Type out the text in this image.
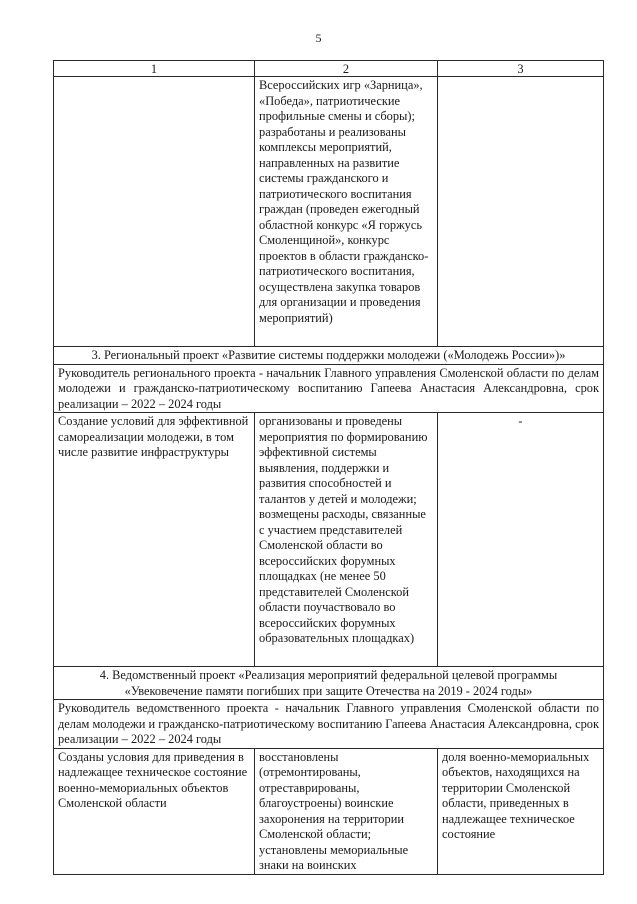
5
1	2	3
	Всероссийских игр «Зарница», «Победа», патриотические профильные смены и сборы); разработаны и реализованы комплексы мероприятий, направленных на развитие системы гражданского и патриотического воспитания граждан (проведен ежегодный областной конкурс «Я горжусь Смоленщиной», конкурс проектов в области гражданско-патриотического воспитания, осуществлена закупка товаров для организации и проведения мероприятий)	
3. Региональный проект «Развитие системы поддержки молодежи («Молодежь России»)»		
Руководитель регионального проекта - начальник Главного управления Смоленской области по делам молодежи и гражданско-патриотическому воспитанию Гапеева Анастасия Александровна, срок реализации – 2022 – 2024 годы		
Создание условий для эффективной самореализации молодежи, в том числе развитие инфраструктуры	организованы и проведены мероприятия по формированию эффективной системы выявления, поддержки и развития способностей и талантов у детей и молодежи; возмещены расходы, связанные с участием представителей Смоленской области во всероссийских форумных площадках (не менее 50 представителей Смоленской области поучаствовало во всероссийских форумных образовательных площадках)	-

4. Ведомственный проект «Реализация мероприятий федеральной целевой программы
«Увековечение памяти погибших при защите Отечества на 2019 - 2024 годы»		

Руководитель ведомственного проекта - начальник Главного управления Смоленской области по делам молодежи и гражданско-патриотическому воспитанию Гапеева Анастасия Александровна, срок реализации – 2022 – 2024 годы		
Созданы условия для приведения в надлежащее техническое состояние военно-мемориальных объектов Смоленской области	восстановлены (отремонтированы, отреставрированы, благоустроены) воинские захоронения на территории Смоленской области; установлены мемориальные знаки на воинских	доля военно-мемориальных объектов, находящихся на территории Смоленской области, приведенных в надлежащее техническое состояние
